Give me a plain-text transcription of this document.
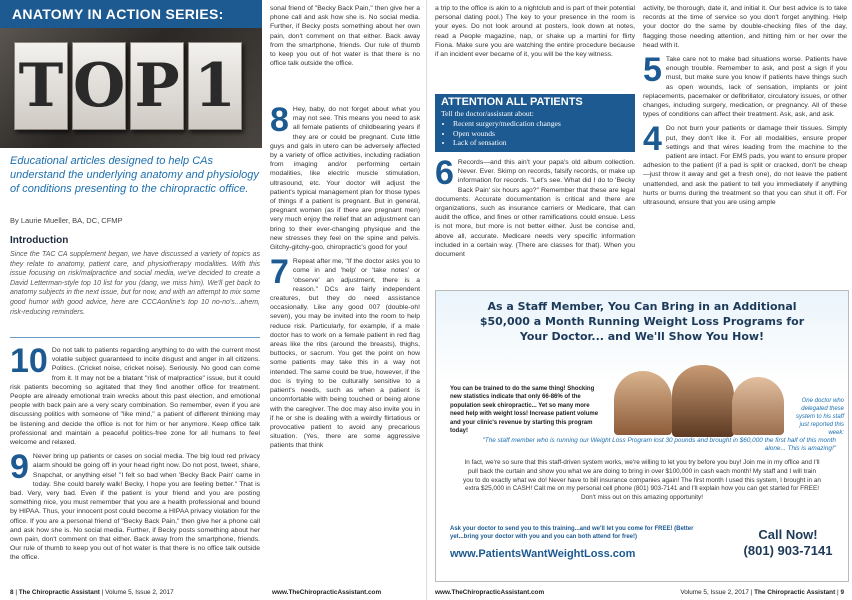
ANATOMY IN ACTION SERIES:
T O P 1
Educational articles designed to help CAs understand the underlying anatomy and physiology of conditions presenting to the chiropractic office.
By Laurie Mueller, BA, DC, CFMP
Introduction
Since the TAC CA supplement began, we have discussed a variety of topics as they relate to anatomy, patient care, and physiotherapy modalities. With this issue focusing on risk/malpractice and social media, we've decided to create a David Letterman-style top 10 list for you (dang, we miss him). We'll get back to anatomy subjects in the next issue, but for now, and with an attempt to mix some good humor with good advice, here are CCCAonline's top 10 no-no's...ahem, risk-reducing reminders.

10 Do not talk to patients regarding anything to do with the current most volatile subject guaranteed to incite disgust and anger in all citizens. Politics. (Cricket noise, cricket noise). Seriously. No good can come from it. It may not be a blatant "risk of malpractice" issue, but it could risk patients becoming so agitated that they find another office for treatment. People are already emotional train wrecks about this past election, and emotional people with back pain are a very scary combination. So remember, even if you are discussing politics with someone of "like mind," a patient of different thinking may be listening and decide the office is not for him or her anymore. Keep office talk professional and maintain a peaceful politics-free zone for all humans to feel welcome and relaxed.

9 Never bring up patients or cases on social media. The big loud red privacy alarm should be going off in your head right now. Do not post, tweet, share, Snapchat, or anything else! "I felt so bad when 'Becky Back Pain' came in today. She could barely walk! Becky, I hope you are feeling better." That is bad. Very, very bad. Even if the patient is your friend and you are posting something nice, you must remember that you are a health professional and bound by HIPAA. Thus, your innocent post could become a HIPAA privacy violation for the office. If you are a personal friend of "Becky Back Pain," then give her a phone call and ask how she is. No social media. Further, if Becky posts something about her own pain, don't comment on that either. Back away from the smartphone, friends. Our rule of thumb to keep you out of hot water is that there is no office talk outside the office.

sonal friend of "Becky Back Pain," then give her a phone call and ask how she is. No social media. Further, if Becky posts something about her own pain, don't comment on that either. Back away from the smartphone, friends. Our rule of thumb to keep you out of hot water is that there is no office talk outside the office.

8 Hey, baby, do not forget about what you may not see. This means you need to ask all female patients of childbearing years if they are or could be pregnant. Cute little guys and gals in utero can be adversely affected by a variety of office activities, including radiation from imaging and/or performing certain modalities, like electric muscle stimulation, ultrasound, etc. Your doctor will adjust the patient's typical management plan for those types of things if a patient is pregnant. But in general, pregnant women (as if there are pregnant men) very much enjoy the relief that an adjustment can bring to their ever-changing physique and the new stresses they feel on the spine and pelvis. Gitchy-gitchy-goo, chiropractic's good for you!

7 Repeat after me, "If the doctor asks you to come in and 'help' or 'take notes' or 'observe' an adjustment, there is a reason." DCs are fairly independent creatures, but they do need assistance occasionally. Like any good 007 (double-oh! seven), you may be invited into the room to help reduce risk. Particularly, for example, if a male doctor has to work on a female patient in red flag areas like the ribs (around the breasts), thighs, buttocks, or sacrum. You get the point on how some patients may take this in a way not intended. The same could be true, however, if the doc is trying to be culturally sensitive to a patient's needs, such as when a patient is uncomfortable with being touched or being alone with the caregiver. The doc may also invite you in if he or she is dealing with a weirdly flirtatious or provocative patient to avoid any precarious situation. (Yes, there are some aggressive patients that think

8 | The Chiropractic Assistant | Volume 5, Issue 2, 2017	www.TheChiropracticAssistant.com

a trip to the office is akin to a nightclub and is part of their potential personal dating pool.) The key to your presence in the room is your eyes. Do not look around at posters, look down at notes, read a People magazine, nap, or shake up a martini for flirty Fiona. Make sure you are watching the entire procedure because if an incident ever became of it, you will be the key witness.

ATTENTION ALL PATIENTS
Tell the doctor/assistant about:
• Recent surgery/medication changes
• Open wounds
• Lack of sensation

6 Records—and this ain't your papa's old album collection. Never. Ever. Skimp on records, falsify records, or make up information for records. "Let's see. What did I do to 'Becky Back Pain' six hours ago?" Remember that these are legal documents. Accurate documentation is critical and there are organizations, such as insurance carriers or Medicare, that can audit the office, and fines or other ramifications could ensue. Less is not more, but more is not better either. Just be concise and, above all, accurate. Medicare needs very specific information included in a certain way. (There are classes for that). When you document

activity, be thorough, date it, and initial it. Our best advice is to take records at the time of service so you don't forget anything. Help your doctor do the same by double-checking files of the day, flagging those needing attention, and hitting him or her over the head with it.

5 Take care not to make bad situations worse. Patients have enough trouble. Remember to ask, and post a sign if you must, but make sure you know if patients have things such as open wounds, lack of sensation, implants or joint replacements, pacemaker or defibrillator, circulatory issues, or other changes, including surgery, medication, or pregnancy. All of these types of conditions can affect their treatment. Ask, ask, and ask.

4 Do not burn your patients or damage their tissues. Simply put, they don't like it. For all modalities, ensure proper settings and that wires leading from the machine to the patient are intact. For EMS pads, you want to ensure proper adhesion to the patient (if a pad is split or cracked, don't be cheap—just throw it away and get a fresh one), do not leave the patient unattended, and ask the patient to tell you immediately if anything hurts or burns during the treatment so that you can shut it off. For ultrasound, ensure that you are using ample

As a Staff Member, You Can Bring in an Additional $50,000 a Month Running Weight Loss Programs for Your Doctor... and We'll Show You How!
You can be trained to do the same thing! Shocking new statistics indicate that only 66-86% of the population seek chiropractic... Yet so many more need help with weight loss! Increase patient volume and your clinic's revenue by starting this program today!
One doctor who delegated these system to his staff just reported this week:
"The staff member who is running our Weight Loss Program lost 30 pounds and brought in $60,000 the first half of this month alone... This is amazing!"
In fact, we're so sure that this staff-driven system works, we're willing to let you try before you buy! Join me in my office and I'll pull back the curtain and show you what we are doing to bring in over $100,000 in cash each month! My staff and I will train you to do exactly what we do! Never have to bill insurance companies again! The first month I used this system, I brought in an extra $25,000 in CASH! Call me on my personal cell phone (801) 903-7141 and I'll explain how you can get started for FREE! Don't miss out on this amazing opportunity!
Ask your doctor to send you to this training...and we'll let you come for FREE! (Better yet...bring your doctor with you and you can both attend for free!)
www.PatientsWantWeightLoss.com
Call Now!
(801) 903-7141
www.TheChiropracticAssistant.com	Volume 5, Issue 2, 2017 | The Chiropractic Assistant | 9
